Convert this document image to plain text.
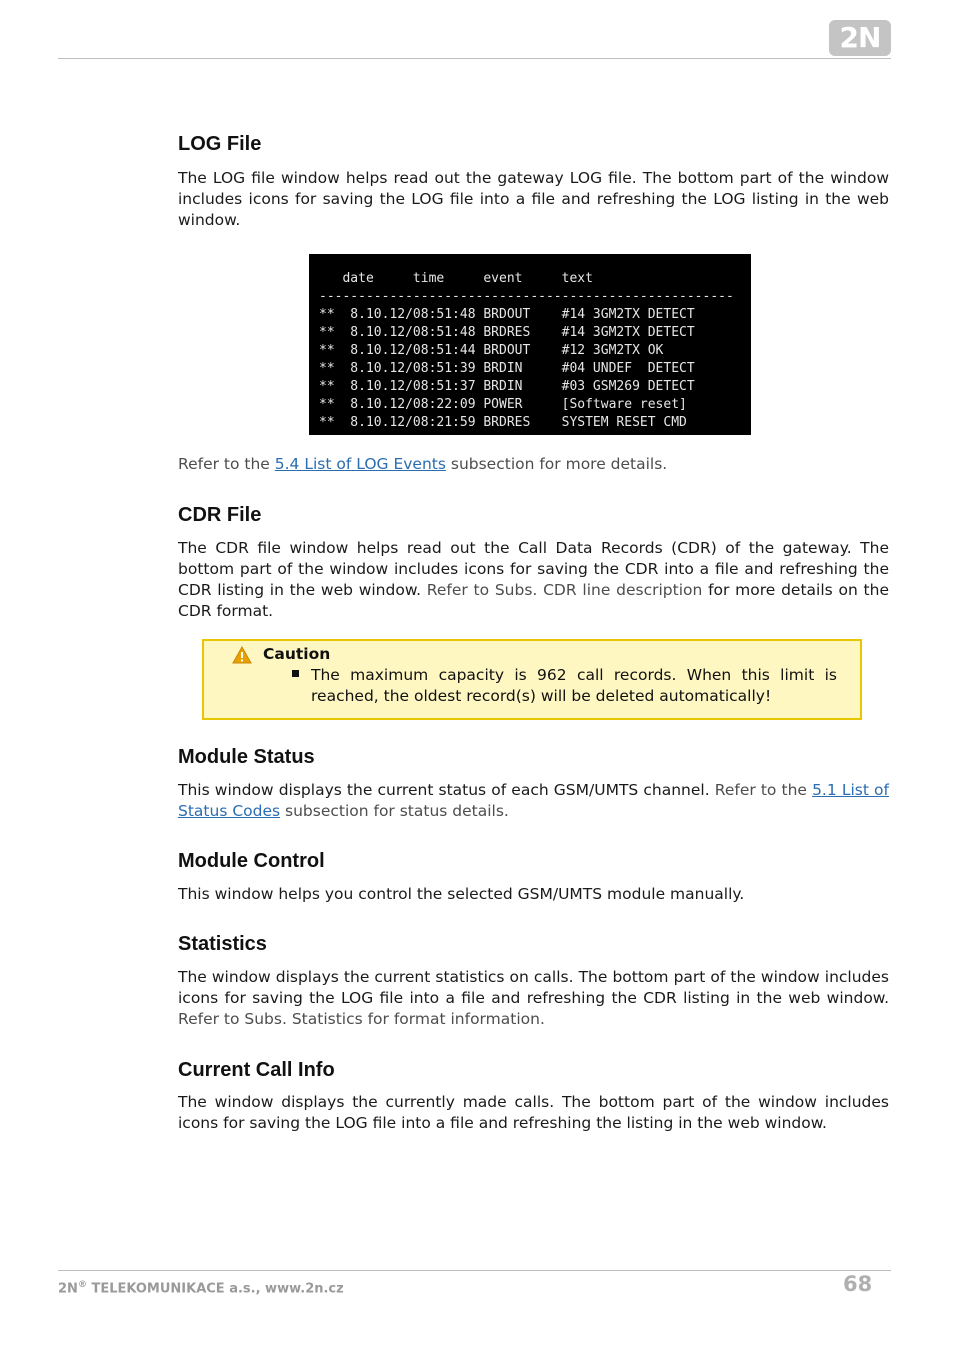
2N
LOG File

The LOG file window helps read out the gateway LOG file. The bottom part of the window includes icons for saving the LOG file into a file and refreshing the LOG listing in the web window.

date     time     event     text
-----------------------------------------------------
**  8.10.12/08:51:48 BRDOUT    #14 3GM2TX DETECT
**  8.10.12/08:51:48 BRDRES    #14 3GM2TX DETECT
**  8.10.12/08:51:44 BRDOUT    #12 3GM2TX OK
**  8.10.12/08:51:39 BRDIN     #04 UNDEF  DETECT
**  8.10.12/08:51:37 BRDIN     #03 GSM269 DETECT
**  8.10.12/08:22:09 POWER     [Software reset]
**  8.10.12/08:21:59 BRDRES    SYSTEM RESET CMD

Refer to the 5.4 List of LOG Events subsection for more details.

CDR File

The CDR file window helps read out the Call Data Records (CDR) of the gateway. The bottom part of the window includes icons for saving the CDR into a file and refreshing the CDR listing in the web window. Refer to Subs. CDR line description for more details on the CDR format.

Caution
The maximum capacity is 962 call records. When this limit is reached, the oldest record(s) will be deleted automatically!
Module Status

This window displays the current status of each GSM/UMTS channel. Refer to the 5.1 List of Status Codes subsection for status details.

Module Control

This window helps you control the selected GSM/UMTS module manually.

Statistics

The window displays the current statistics on calls. The bottom part of the window includes icons for saving the LOG file into a file and refreshing the CDR listing in the web window. Refer to Subs. Statistics for format information.

Current Call Info

The window displays the currently made calls. The bottom part of the window includes icons for saving the LOG file into a file and refreshing the listing in the web window.

2N® TELEKOMUNIKACE a.s., www.2n.cz	68
